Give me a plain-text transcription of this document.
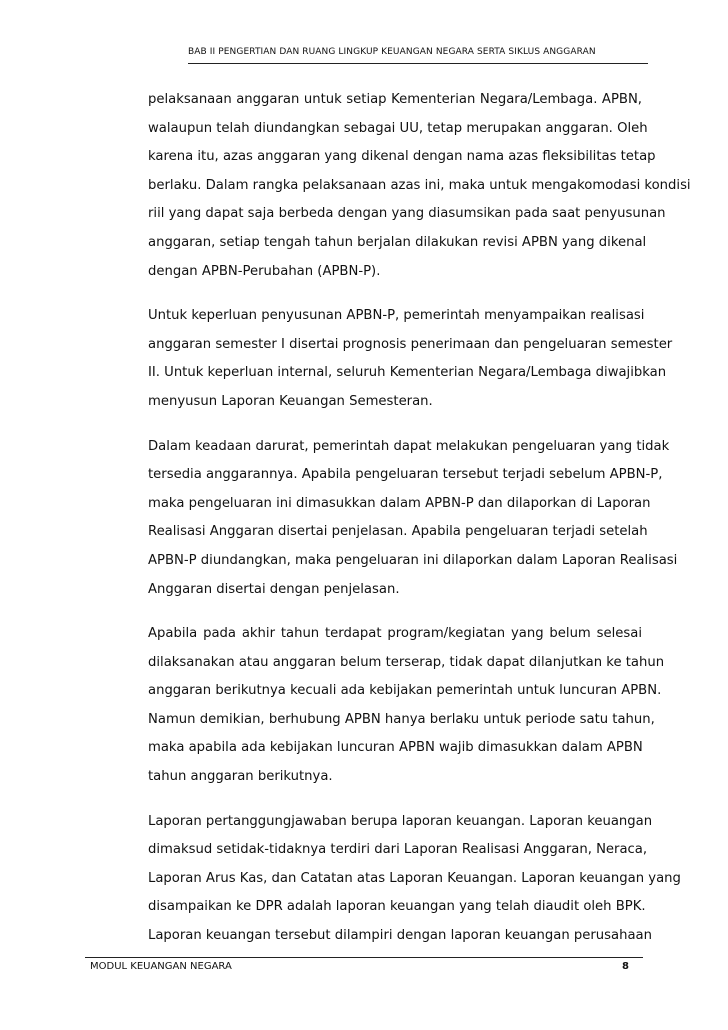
BAB II PENGERTIAN DAN RUANG LINGKUP KEUANGAN NEGARA SERTA SIKLUS ANGGARAN
pelaksanaan anggaran untuk setiap Kementerian Negara/Lembaga. APBN,
walaupun telah diundangkan sebagai UU, tetap merupakan anggaran. Oleh
karena itu, azas anggaran yang dikenal dengan nama azas fleksibilitas tetap
berlaku. Dalam rangka pelaksanaan azas ini, maka untuk mengakomodasi kondisi
riil yang dapat saja berbeda dengan yang diasumsikan pada saat penyusunan
anggaran, setiap tengah tahun berjalan dilakukan revisi APBN yang dikenal
dengan APBN-Perubahan (APBN-P).
Untuk keperluan penyusunan APBN-P, pemerintah menyampaikan realisasi
anggaran semester I disertai prognosis penerimaan dan pengeluaran semester
II. Untuk keperluan internal, seluruh Kementerian Negara/Lembaga diwajibkan
menyusun Laporan Keuangan Semesteran.
Dalam keadaan darurat, pemerintah dapat melakukan pengeluaran yang tidak
tersedia anggarannya. Apabila pengeluaran tersebut terjadi sebelum APBN-P,
maka pengeluaran ini dimasukkan dalam APBN-P dan dilaporkan di Laporan
Realisasi Anggaran disertai penjelasan. Apabila pengeluaran terjadi setelah
APBN-P diundangkan, maka pengeluaran ini dilaporkan dalam Laporan Realisasi
Anggaran disertai dengan penjelasan.
Apabila pada akhir tahun terdapat program/kegiatan yang belum selesai
dilaksanakan atau anggaran belum terserap, tidak dapat dilanjutkan ke tahun
anggaran berikutnya kecuali ada kebijakan pemerintah untuk luncuran APBN.
Namun demikian, berhubung APBN hanya berlaku untuk periode satu tahun,
maka apabila ada kebijakan luncuran APBN wajib dimasukkan dalam APBN
tahun anggaran berikutnya.
Laporan pertanggungjawaban berupa laporan keuangan. Laporan keuangan
dimaksud setidak-tidaknya terdiri dari Laporan Realisasi Anggaran, Neraca,
Laporan Arus Kas, dan Catatan atas Laporan Keuangan. Laporan keuangan yang
disampaikan ke DPR adalah laporan keuangan yang telah diaudit oleh BPK.
Laporan keuangan tersebut dilampiri dengan laporan keuangan perusahaan
MODUL KEUANGAN NEGARA	8
